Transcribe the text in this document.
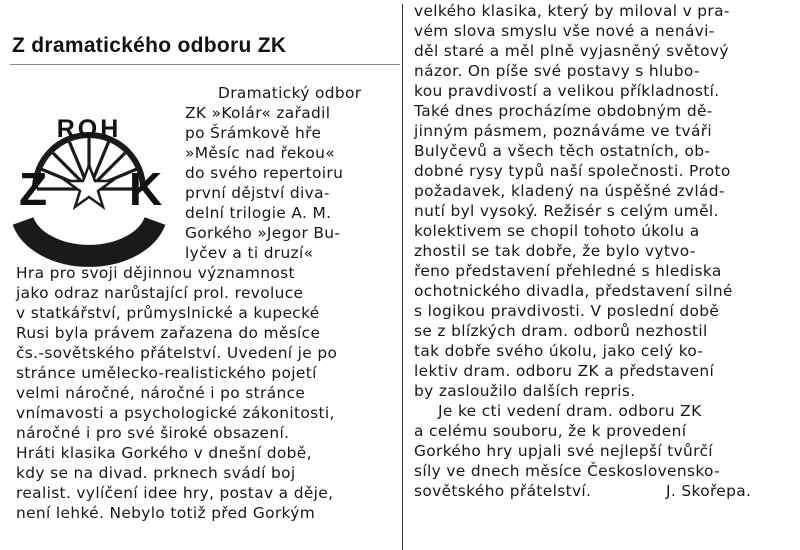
Z dramatického odboru ZK
ROH
Z K
AZNP

Dramatický odbor

ZK »Kolár« zařadil

po Šrámkově hře

»Měsíc nad řekou«

do svého repertoiru

první dějství diva-

delní trilogie A. M.

Gorkého »Jegor Bu-

lyčev a ti druzí«

Hra pro svoji dějinnou významnost

jako odraz narůstající prol. revoluce

v statkářství, průmyslnické a kupecké

Rusi byla právem zařazena do měsíce

čs.-sovětského přátelství. Uvedení je po

stránce umělecko-realistického pojetí

velmi náročné, náročné i po stránce

vnímavosti a psychologické zákonitosti,

náročné i pro své široké obsazení.

Hráti klasika Gorkého v dnešní době,

kdy se na divad. prknech svádí boj

realist. vylíčení idee hry, postav a děje,

není lehké. Nebylo totiž před Gorkým

velkého klasika, který by miloval v pra-

vém slova smyslu vše nové a nenávi-

děl staré a měl plně vyjasněný světový

názor. On píše své postavy s hlubo-

kou pravdivostí a velikou příkladností.

Také dnes procházíme obdobným dě-

jinným pásmem, poznáváme ve tváři

Bulyčevů a všech těch ostatních, ob-

dobné rysy typů naší společnosti. Proto

požadavek, kladený na úspěšné zvlád-

nutí byl vysoký. Režisér s celým uměl.

kolektivem se chopil tohoto úkolu a

zhostil se tak dobře, že bylo vytvo-

řeno představení přehledné s hlediska

ochotnického divadla, představení silné

s logikou pravdivosti. V poslední době

se z blízkých dram. odborů nezhostil

tak dobře svého úkolu, jako celý ko-

lektiv dram. odboru ZK a představení

by zasloužilo dalších repris.

Je ke cti vedení dram. odboru ZK

a celému souboru, že k provedení

Gorkého hry upjali své nejlepší tvůrčí

síly ve dnech měsíce Československo-

sovětského přátelství.	J. Skořepa.
